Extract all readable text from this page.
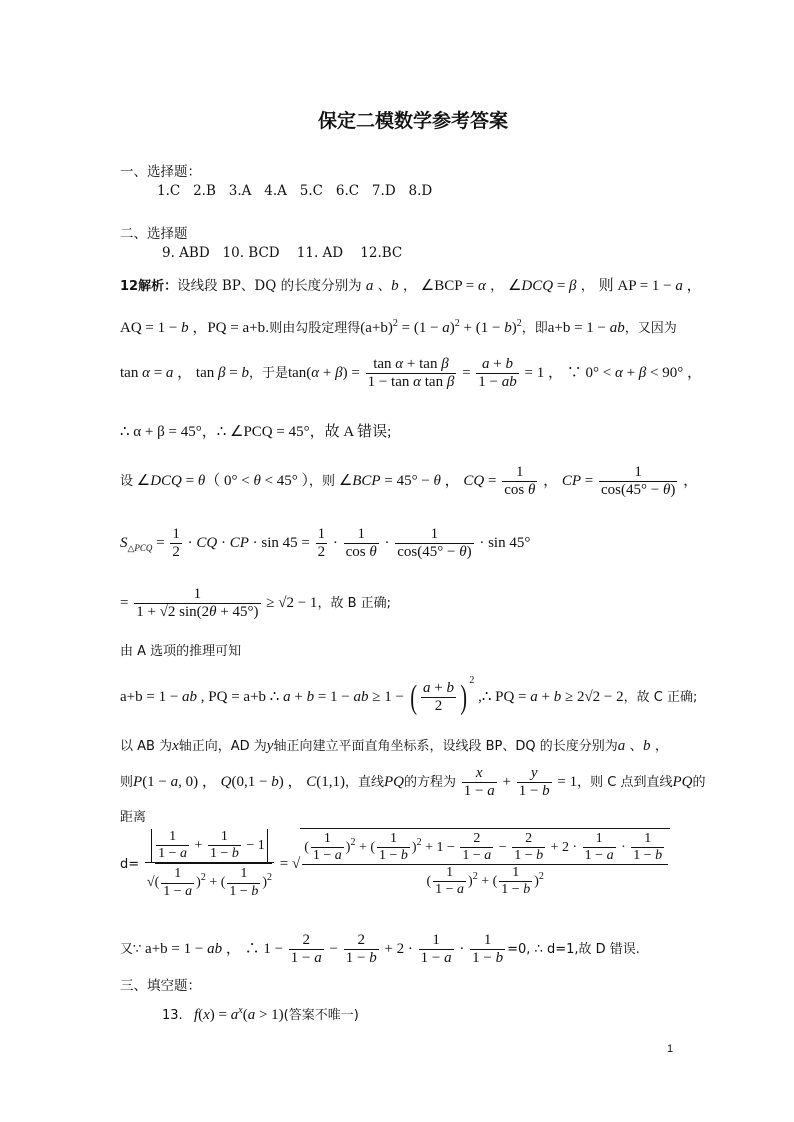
保定二模数学参考答案
一、选择题：
1.C   2.B   3.A   4.A   5.C   6.C   7.D   8.D
二、选择题
9. ABD   10. BCD    11. AD    12.BC
12解析：设线段 BP、DQ 的长度分别为 a 、b ， ∠BCP = α ， ∠DCQ = β ， 则 AP = 1 − a ，
AQ = 1 − b ，PQ = a+b.则由勾股定理得$(a+b)^2 = (1 - a)^2 + (1 - b)^2$，即a+b = 1 − ab，又因为
tan α = a ， tan β = b，于是$\tan(\alpha + \beta) = \frac{\text{tan α + tan β}}{\text{1 − tan α tan β}} = \frac{a + b}{1 - ab} = 1$ ， ∵ 0° < α + β < 90° ，
∴ α + β = 45°，∴ ∠PCQ = 45°，故 A 错误;
设 ∠DCQ = θ（ 0° < θ < 45° ），则 ∠BCP = 45° − θ ， CQ = $\frac{1}{\text{cos θ}}$ ， CP = $\frac{1}{\cos(45^\circ - \theta)}$ ，
$S_{\triangle PCQ} = \frac{1}{2}$ · CQ · CP · $\sin 45 = \frac{1}{2} \cdot \frac{1}{\text{cos θ}} \cdot \frac{1}{\cos(45^\circ - \theta)} \cdot \sin 45^\circ$
= $\frac{1}{1 + √2 \sin(2\theta + 45^\circ)} \ge √2 - 1$，故 B 正确;
由 A 选项的推理可知
a+b = 1 − ab , PQ = a+b ∴ a + b = 1 − ab ≥ 1 − ( $\frac{a + b}{2}$ ) $^2$ ,∴ PQ = a + b ≥ 2√2 − 2，故 C 正确;
以 AB 为x轴正向，AD 为y轴正向建立平面直角坐标系，设线段 BP、DQ 的长度分别为a 、b ，
则P(1 − a, 0) ， Q(0,1 − b) ， C(1,1)，直线PQ的方程为 $\frac{x}{1 - a} + \frac{y}{1 - b} = 1$，则 C 点到直线PQ的
距离
$d= \frac{\frac{1}{1 - a} + \frac{1}{1 - b} - 1}{√( \frac{1}{1 - a} )^2 + ( \frac{1}{1 - b} )^2}$ = √
( $\frac{1}{1 - a} )^2$ + ( $\frac{1}{1 - b} )^2 + 1 - \frac{2}{1 - a} - \frac{2}{1 - b} + 2 \cdot \frac{1}{1 - a} \cdot \frac{1}{1 - b}$
( $\frac{1}{1 - a} )^2$ + ( $\frac{1}{1 - b} )^2$
又∵ a+b = 1 − ab ， ∴ $1 - \frac{2}{1 - a} - \frac{2}{1 - b} + 2 \cdot \frac{1}{1 - a} \cdot \frac{1}{1 - b} =0$, ∴ d=1,故 D 错误.
三、填空题：
13. $f(x) = a^x(a > 1)$(答案不唯一)
1
